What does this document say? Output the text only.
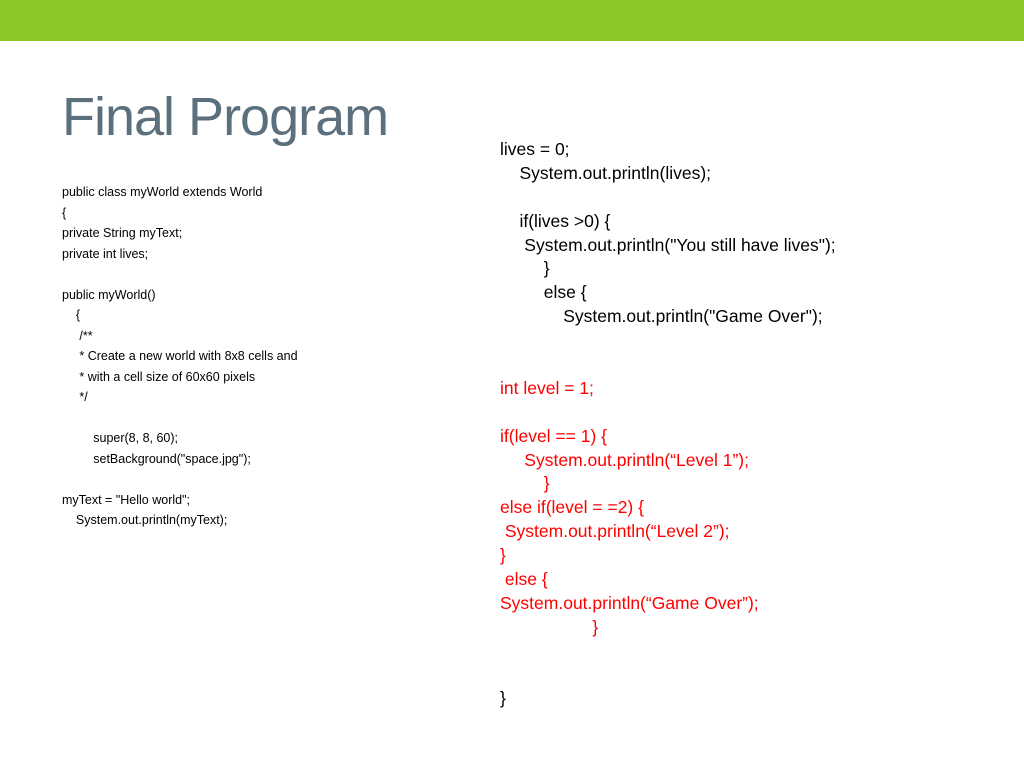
Final Program
public class myWorld extends World
{
private String myText;
private int lives;
public myWorld()
{
/**
* Create a new world with 8x8 cells and
* with a cell size of 60x60 pixels
*/
super(8, 8, 60);
setBackground("space.jpg");
myText = "Hello world";
System.out.println(myText);
lives = 0;
System.out.println(lives);
if(lives >0) {
System.out.println("You still have lives");
}
else {
System.out.println("Game Over");
int level = 1;
if(level == 1) {
System.out.println(“Level 1”);
}
else if(level = =2) {
System.out.println(“Level 2”);
}
else {
System.out.println(“Game Over”);
}
}
